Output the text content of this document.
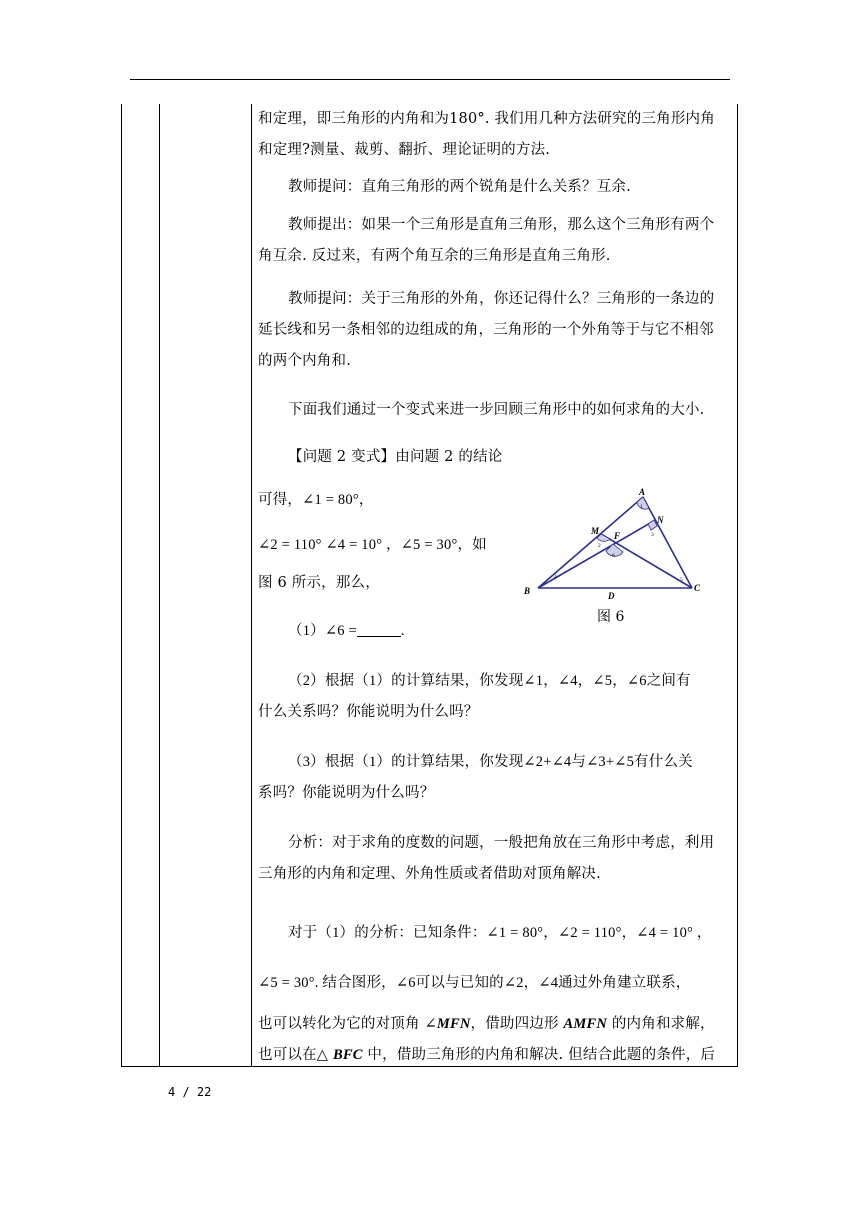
和定理，即三角形的内角和为180°. 我们用几种方法研究的三角形内角

和定理?测量、裁剪、翻折、理论证明的方法.

教师提问：直角三角形的两个锐角是什么关系？互余.

教师提出：如果一个三角形是直角三角形，那么这个三角形有两个

角互余. 反过来，有两个角互余的三角形是直角三角形.

教师提问：关于三角形的外角，你还记得什么？三角形的一条边的

延长线和另一条相邻的边组成的角，三角形的一个外角等于与它不相邻

的两个内角和.

下面我们通过一个变式来进一步回顾三角形中的如何求角的大小.

【问题 2 变式】由问题 2 的结论

可得，∠1 = 80°，

∠2 = 110° ∠4 = 10° ，∠5 = 30°，如

图 6 所示，那么，

（1）∠6 =	.

（2）根据（1）的计算结果，你发现∠1，∠4，∠5，∠6之间有

什么关系吗？你能说明为什么吗？

（3）根据（1）的计算结果，你发现∠2+∠4与∠3+∠5有什么关

系吗？你能说明为什么吗？

分析：对于求角的度数的问题，一般把角放在三角形中考虑，利用

三角形的内角和定理、外角性质或者借助对顶角解决.

对于（1）的分析：已知条件：∠1 = 80°，∠2 = 110°，∠4 = 10° ，

∠5 = 30°. 结合图形，∠6可以与已知的∠2，∠4通过外角建立联系，

也可以转化为它的对顶角 ∠MFN，借助四边形 AMFN 的内角和求解，

也可以在△ BFC 中，借助三角形的内角和解决. 但结合此题的条件，后

A
B	C
D
M F
N
1
2
3
4	5
6
图 6
4 / 22
